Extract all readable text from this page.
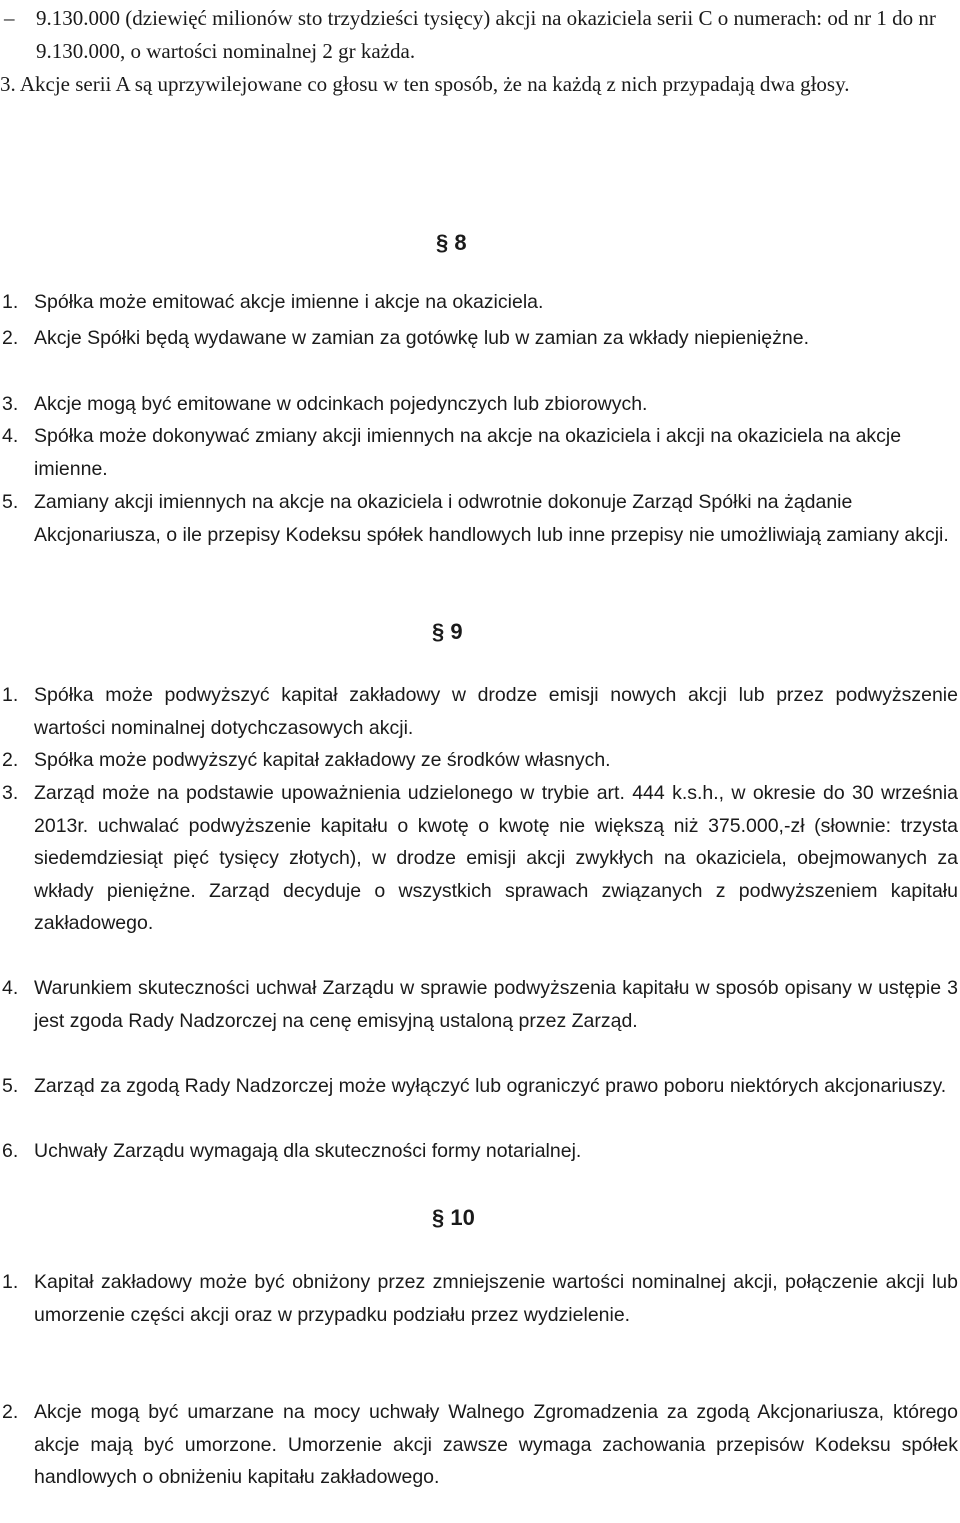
– 9.130.000 (dziewięć milionów sto trzydzieści tysięcy) akcji na okaziciela serii C o numerach: od nr 1 do nr 9.130.000, o wartości nominalnej 2 gr każda.
3. Akcje serii A są uprzywilejowane co głosu w ten sposób, że na każdą z nich przypadają dwa głosy.
§ 8
1. Spółka może emitować akcje imienne i akcje na okaziciela.
2. Akcje Spółki będą wydawane w zamian za gotówkę lub w zamian za wkłady niepieniężne.
3. Akcje mogą być emitowane w odcinkach pojedynczych lub zbiorowych.
4. Spółka może dokonywać zmiany akcji imiennych na akcje na okaziciela i akcji na okaziciela na akcje imienne.
5. Zamiany akcji imiennych na akcje na okaziciela i odwrotnie dokonuje Zarząd Spółki na żądanie Akcjonariusza, o ile przepisy Kodeksu spółek handlowych lub inne przepisy nie umożliwiają zamiany akcji.
§ 9
1. Spółka może podwyższyć kapitał zakładowy w drodze emisji nowych akcji lub przez podwyższenie wartości nominalnej dotychczasowych akcji.
2. Spółka może podwyższyć kapitał zakładowy ze środków własnych.
3. Zarząd może na podstawie upoważnienia udzielonego w trybie art. 444 k.s.h., w okresie do 30 września 2013r. uchwalać podwyższenie kapitału o kwotę o kwotę nie większą niż 375.000,-zł (słownie: trzysta siedemdziesiąt pięć tysięcy złotych), w drodze emisji akcji zwykłych na okaziciela, obejmowanych za wkłady pieniężne. Zarząd decyduje o wszystkich sprawach związanych z podwyższeniem kapitału zakładowego.
4. Warunkiem skuteczności uchwał Zarządu w sprawie podwyższenia kapitału w sposób opisany w ustępie 3 jest zgoda Rady Nadzorczej na cenę emisyjną ustaloną przez Zarząd.
5. Zarząd za zgodą Rady Nadzorczej może wyłączyć lub ograniczyć prawo poboru niektórych akcjonariuszy.
6. Uchwały Zarządu wymagają dla skuteczności formy notarialnej.
§ 10
1. Kapitał zakładowy może być obniżony przez zmniejszenie wartości nominalnej akcji, połączenie akcji lub umorzenie części akcji oraz w przypadku podziału przez wydzielenie.
2. Akcje mogą być umarzane na mocy uchwały Walnego Zgromadzenia za zgodą Akcjonariusza, którego akcje mają być umorzone. Umorzenie akcji zawsze wymaga zachowania przepisów Kodeksu spółek handlowych o obniżeniu kapitału zakładowego.
